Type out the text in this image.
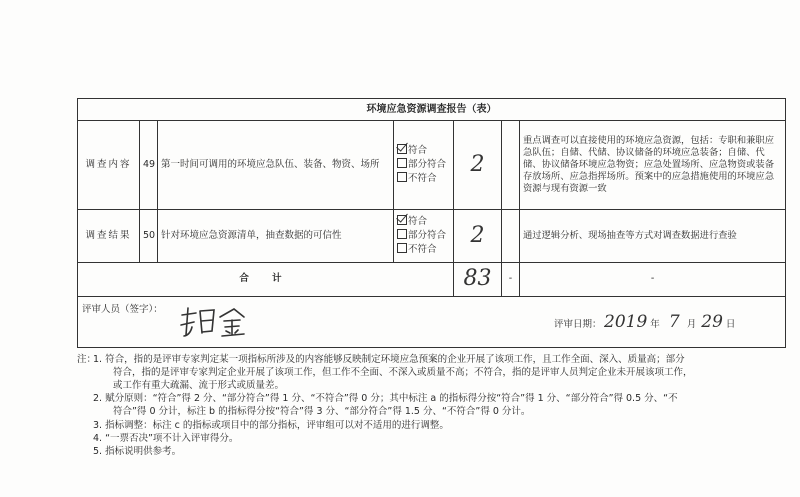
环境应急资源调查报告（表）						
调查内容	49	第一时间可调用的环境应急队伍、装备、物资、场所	符合
部分符合
不符合	2		重点调查可以直接使用的环境应急资源，包括：专职和兼职应急队伍；自储、代储、协议储备的环境应急装备；自储、代储、协议储备环境应急物资；应急处置场所、应急物资或装备存放场所、应急指挥场所。预案中的应急措施使用的环境应急资源与现有资源一致
调查结果	50	针对环境应急资源清单，抽查数据的可信性	符合
部分符合
不符合	2		通过逻辑分析、现场抽查等方式对调查数据进行查验
合 计				83	-	-

评审人员（签字）：
评审日期： 2019 年 7 月 29 日						
注：
1. 符合，指的是评审专家判定某一项指标所涉及的内容能够反映制定环境应急预案的企业开展了该项工作，且工作全面、深入、质量高；部分
符合，指的是评审专家判定企业开展了该项工作，但工作不全面、不深入或质量不高；不符合，指的是评审人员判定企业未开展该项工作，
或工作有重大疏漏、流于形式或质量差。
2. 赋分原则：“符合”得 2 分、“部分符合”得 1 分、“不符合”得 0 分；其中标注 a 的指标得分按“符合”得 1 分、“部分符合”得 0.5 分、“不
符合”得 0 分计，标注 b 的指标得分按“符合”得 3 分、“部分符合”得 1.5 分、“不符合”得 0 分计。
3. 指标调整：标注 c 的指标或项目中的部分指标，评审组可以对不适用的进行调整。
4. “一票否决”项不计入评审得分。
5. 指标说明供参考。
